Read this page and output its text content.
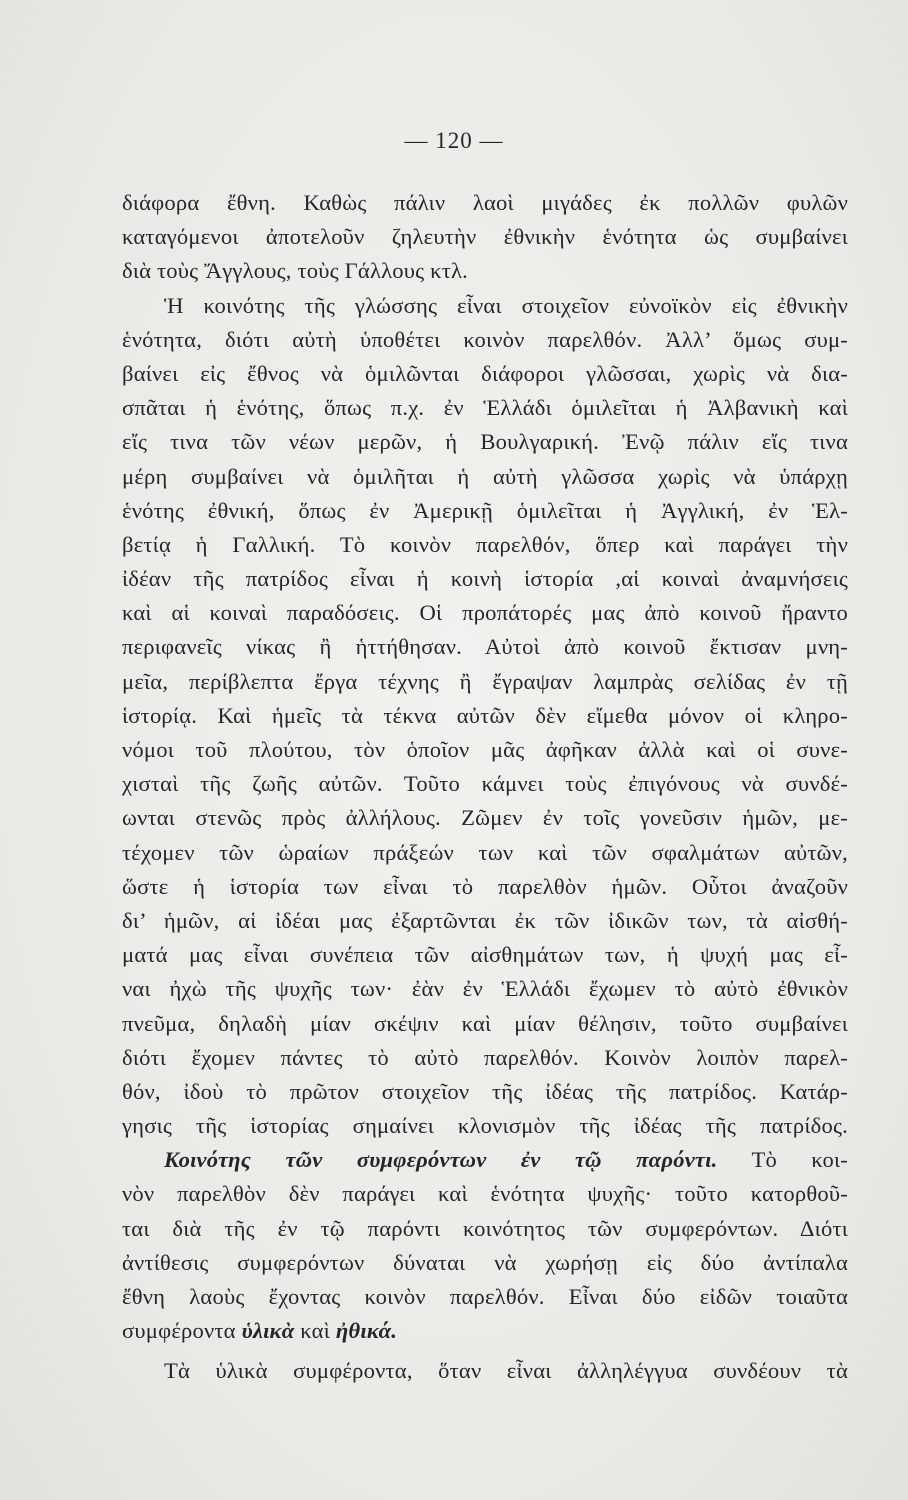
— 120 —
διάφορα ἔθνη. Καθὼς πάλιν λαοὶ μιγάδες ἐκ πολλῶν φυλῶν
καταγόμενοι ἀποτελοῦν ζηλευτὴν ἐθνικὴν ἑνότητα ὡς συμβαίνει
διὰ τοὺς Ἄγγλους, τοὺς Γάλλους κτλ.
Ἡ κοινότης τῆς γλώσσης εἶναι στοιχεῖον εὐνοϊκὸν εἰς ἐθνικὴν
ἑνότητα, διότι αὐτὴ ὑποθέτει κοινὸν παρελθόν. Ἀλλ’ ὅμως συμ-
βαίνει εἰς ἔθνος νὰ ὁμιλῶνται διάφοροι γλῶσσαι, χωρὶς νὰ δια-
σπᾶται ἡ ἑνότης, ὅπως π.χ. ἐν Ἑλλάδι ὁμιλεῖται ἡ Ἀλβανικὴ καὶ
εἴς τινα τῶν νέων μερῶν, ἡ Βουλγαρική. Ἐνῷ πάλιν εἴς τινα
μέρη συμβαίνει νὰ ὁμιλῆται ἡ αὐτὴ γλῶσσα χωρὶς νὰ ὑπάρχῃ
ἑνότης ἐθνική, ὅπως ἐν Ἀμερικῇ ὁμιλεῖται ἡ Ἀγγλική, ἐν Ἑλ-
βετίᾳ ἡ Γαλλική. Τὸ κοινὸν παρελθόν, ὅπερ καὶ παράγει τὴν
ἰδέαν τῆς πατρίδος εἶναι ἡ κοινὴ ἱστορία ,αἱ κοιναὶ ἀναμνήσεις
καὶ αἱ κοιναὶ παραδόσεις. Οἱ προπάτορές μας ἀπὸ κοινοῦ ἤραντο
περιφανεῖς νίκας ἢ ἡττήθησαν. Αὐτοὶ ἀπὸ κοινοῦ ἔκτισαν μνη-
μεῖα, περίβλεπτα ἔργα τέχνης ἢ ἔγραψαν λαμπρὰς σελίδας ἐν τῇ
ἱστορίᾳ. Καὶ ἡμεῖς τὰ τέκνα αὐτῶν δὲν εἴμεθα μόνον οἱ κληρο-
νόμοι τοῦ πλούτου, τὸν ὁποῖον μᾶς ἀφῆκαν ἀλλὰ καὶ οἱ συνε-
χισταὶ τῆς ζωῆς αὐτῶν. Τοῦτο κάμνει τοὺς ἐπιγόνους νὰ συνδέ-
ωνται στενῶς πρὸς ἀλλήλους. Ζῶμεν ἐν τοῖς γονεῦσιν ἡμῶν, με-
τέχομεν τῶν ὡραίων πράξεών των καὶ τῶν σφαλμάτων αὐτῶν,
ὥστε ἡ ἱστορία των εἶναι τὸ παρελθὸν ἡμῶν. Οὗτοι ἀναζοῦν
δι’ ἡμῶν, αἱ ἰδέαι μας ἐξαρτῶνται ἐκ τῶν ἰδικῶν των, τὰ αἰσθή-
ματά μας εἶναι συνέπεια τῶν αἰσθημάτων των, ἡ ψυχή μας εἶ-
ναι ἠχὼ τῆς ψυχῆς των· ἐὰν ἐν Ἑλλάδι ἔχωμεν τὸ αὐτὸ ἐθνικὸν
πνεῦμα, δηλαδὴ μίαν σκέψιν καὶ μίαν θέλησιν, τοῦτο συμβαίνει
διότι ἔχομεν πάντες τὸ αὐτὸ παρελθόν. Κοινὸν λοιπὸν παρελ-
θόν, ἰδοὺ τὸ πρῶτον στοιχεῖον τῆς ἰδέας τῆς πατρίδος. Κατάρ-
γησις τῆς ἱστορίας σημαίνει κλονισμὸν τῆς ἰδέας τῆς πατρίδος.
Κοινότης τῶν συμφερόντων ἐν τῷ παρόντι. Τὸ κοι-
νὸν παρελθὸν δὲν παράγει καὶ ἑνότητα ψυχῆς· τοῦτο κατορθοῦ-
ται διὰ τῆς ἐν τῷ παρόντι κοινότητος τῶν συμφερόντων. Διότι
ἀντίθεσις συμφερόντων δύναται νὰ χωρήσῃ εἰς δύο ἀντίπαλα
ἔθνη λαοὺς ἔχοντας κοινὸν παρελθόν. Εἶναι δύο εἰδῶν τοιαῦτα
συμφέροντα ὑλικὰ καὶ ἠθικά.
Τὰ ὑλικὰ συμφέροντα, ὅταν εἶναι ἀλληλέγγυα συνδέουν τὰ
